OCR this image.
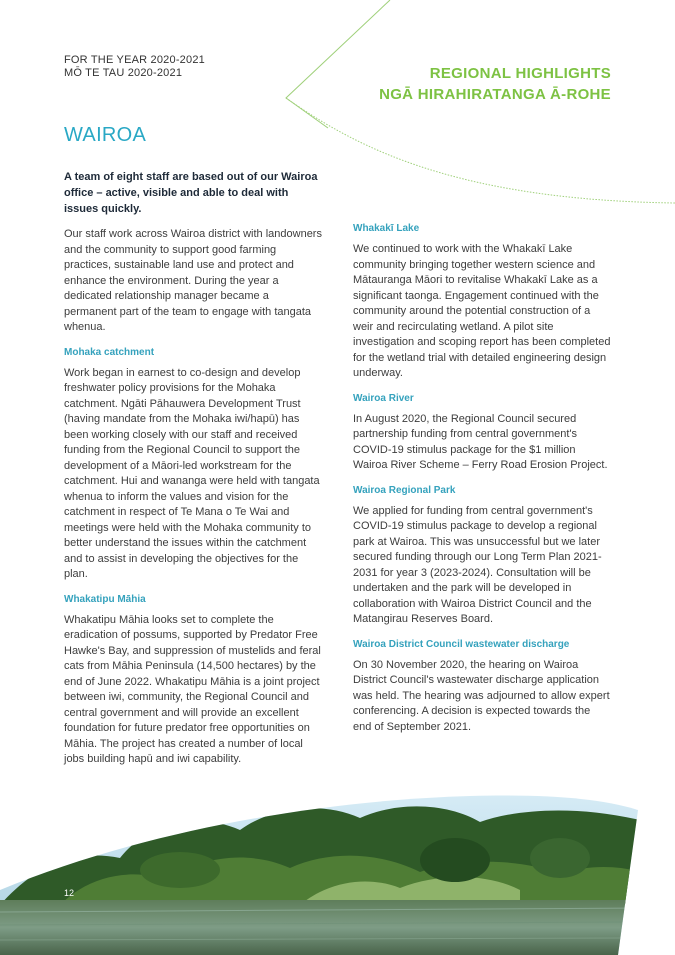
FOR THE YEAR 2020-2021
MŌ TE TAU 2020-2021	REGIONAL HIGHLIGHTS
NGĀ HIRAHIRATANGA Ā-ROHE
WAIROA

A team of eight staff are based out of our Wairoa office – active, visible and able to deal with issues quickly.

Our staff work across Wairoa district with landowners and the community to support good farming practices, sustainable land use and protect and enhance the environment. During the year a dedicated relationship manager became a permanent part of the team to engage with tangata whenua.

Mohaka catchment

Work began in earnest to co-design and develop freshwater policy provisions for the Mohaka catchment. Ngāti Pāhauwera Development Trust (having mandate from the Mohaka iwi/hapū) has been working closely with our staff and received funding from the Regional Council to support the development of a Māori-led workstream for the catchment. Hui and wananga were held with tangata whenua to inform the values and vision for the catchment in respect of Te Mana o Te Wai and meetings were held with the Mohaka community to better understand the issues within the catchment and to assist in developing the objectives for the plan.

Whakatipu Māhia

Whakatipu Māhia looks set to complete the eradication of possums, supported by Predator Free Hawke's Bay, and suppression of mustelids and feral cats from Māhia Peninsula (14,500 hectares) by the end of June 2022. Whakatipu Māhia is a joint project between iwi, community, the Regional Council and central government and will provide an excellent foundation for future predator free opportunities on Māhia. The project has created a number of local jobs building hapū and iwi capability.

Whakakī Lake

We continued to work with the Whakakī Lake community bringing together western science and Mātauranga Māori to revitalise Whakakī Lake as a significant taonga. Engagement continued with the community around the potential construction of a weir and recirculating wetland. A pilot site investigation and scoping report has been completed for the wetland trial with detailed engineering design underway.

Wairoa River

In August 2020, the Regional Council secured partnership funding from central government's COVID-19 stimulus package for the $1 million Wairoa River Scheme – Ferry Road Erosion Project.

Wairoa Regional Park

We applied for funding from central government's COVID-19 stimulus package to develop a regional park at Wairoa. This was unsuccessful but we later secured funding through our Long Term Plan 2021-2031 for year 3 (2023-2024). Consultation will be undertaken and the park will be developed in collaboration with Wairoa District Council and the Matangirau Reserves Board.

Wairoa District Council wastewater discharge

On 30 November 2020, the hearing on Wairoa District Council's wastewater discharge application was held. The hearing was adjourned to allow expert conferencing. A decision is expected towards the end of September 2021.

12
